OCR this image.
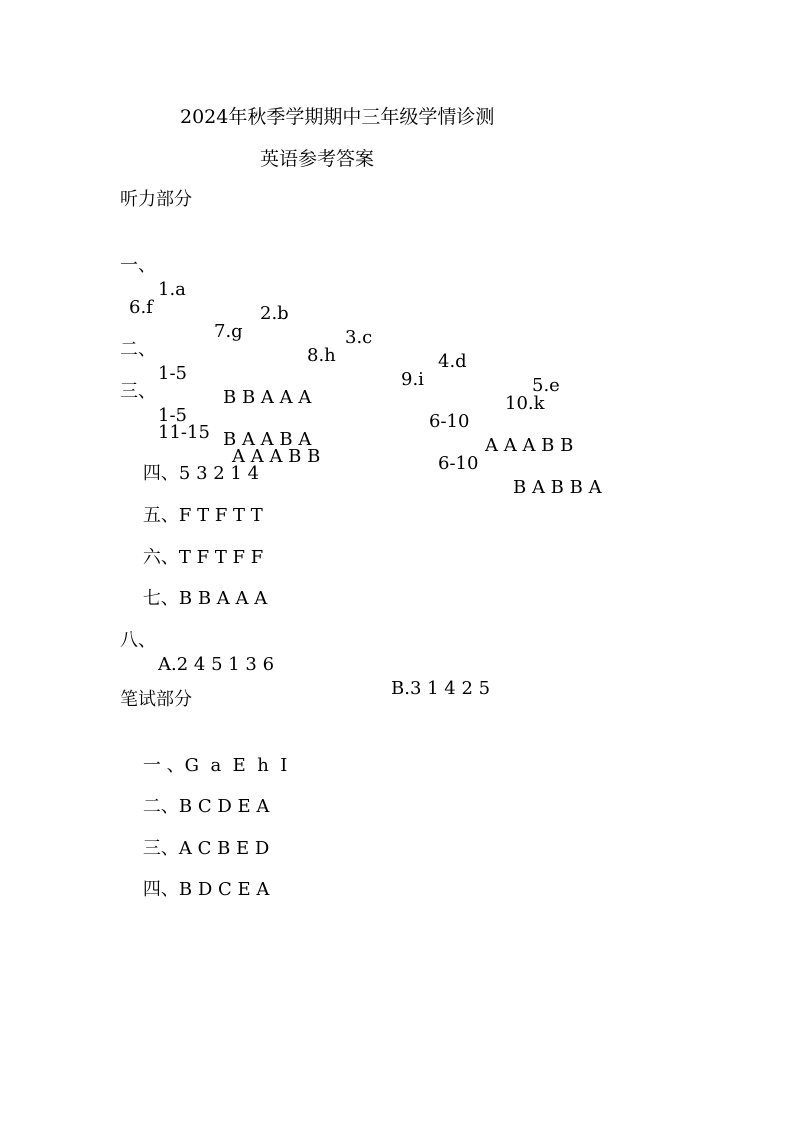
2024年秋季学期期中三年级学情诊测
英语参考答案
听力部分

一、

1.a

2.b

3.c

4.d

5.e

6.f

7.g

8.h

9.i

10.k

二、

1-5

B B A A A

6-10

A A A B B

三、

1-5

B A A B A

6-10

B A B B A

11-15

A A A B B

四、5 3 2 1 4

五、F T F T T

六、T F T F F

七、B B A A A

八、

A.2 4 5 1 3 6

B.3 1 4 2 5

笔试部分

一 、G  a  E  h  I

二、B C D E A

三、A C B E D

四、B D C E A
